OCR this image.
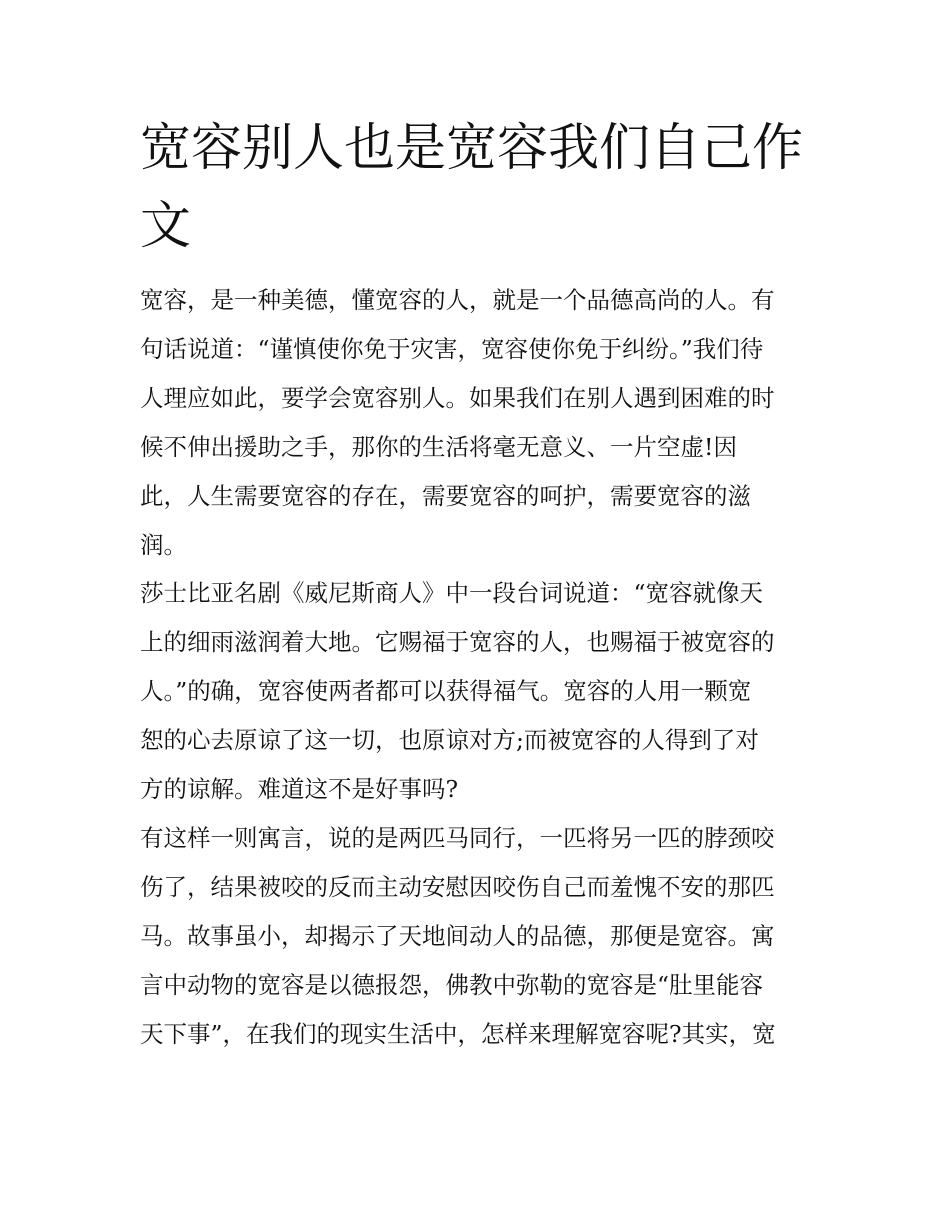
宽容别人也是宽容我们自己作
文

宽容，是一种美德，懂宽容的人，就是一个品德高尚的人。有
句话说道：“谨慎使你免于灾害，宽容使你免于纠纷。”我们待
人理应如此，要学会宽容别人。如果我们在别人遇到困难的时
候不伸出援助之手，那你的生活将毫无意义、一片空虚!因
此，人生需要宽容的存在，需要宽容的呵护，需要宽容的滋
润。

莎士比亚名剧《威尼斯商人》中一段台词说道：“宽容就像天
上的细雨滋润着大地。它赐福于宽容的人，也赐福于被宽容的
人。”的确，宽容使两者都可以获得福气。宽容的人用一颗宽
恕的心去原谅了这一切，也原谅对方;而被宽容的人得到了对
方的谅解。难道这不是好事吗?

有这样一则寓言，说的是两匹马同行，一匹将另一匹的脖颈咬
伤了，结果被咬的反而主动安慰因咬伤自己而羞愧不安的那匹
马。故事虽小，却揭示了天地间动人的品德，那便是宽容。寓
言中动物的宽容是以德报怨，佛教中弥勒的宽容是“肚里能容
天下事”，在我们的现实生活中，怎样来理解宽容呢?其实，宽
